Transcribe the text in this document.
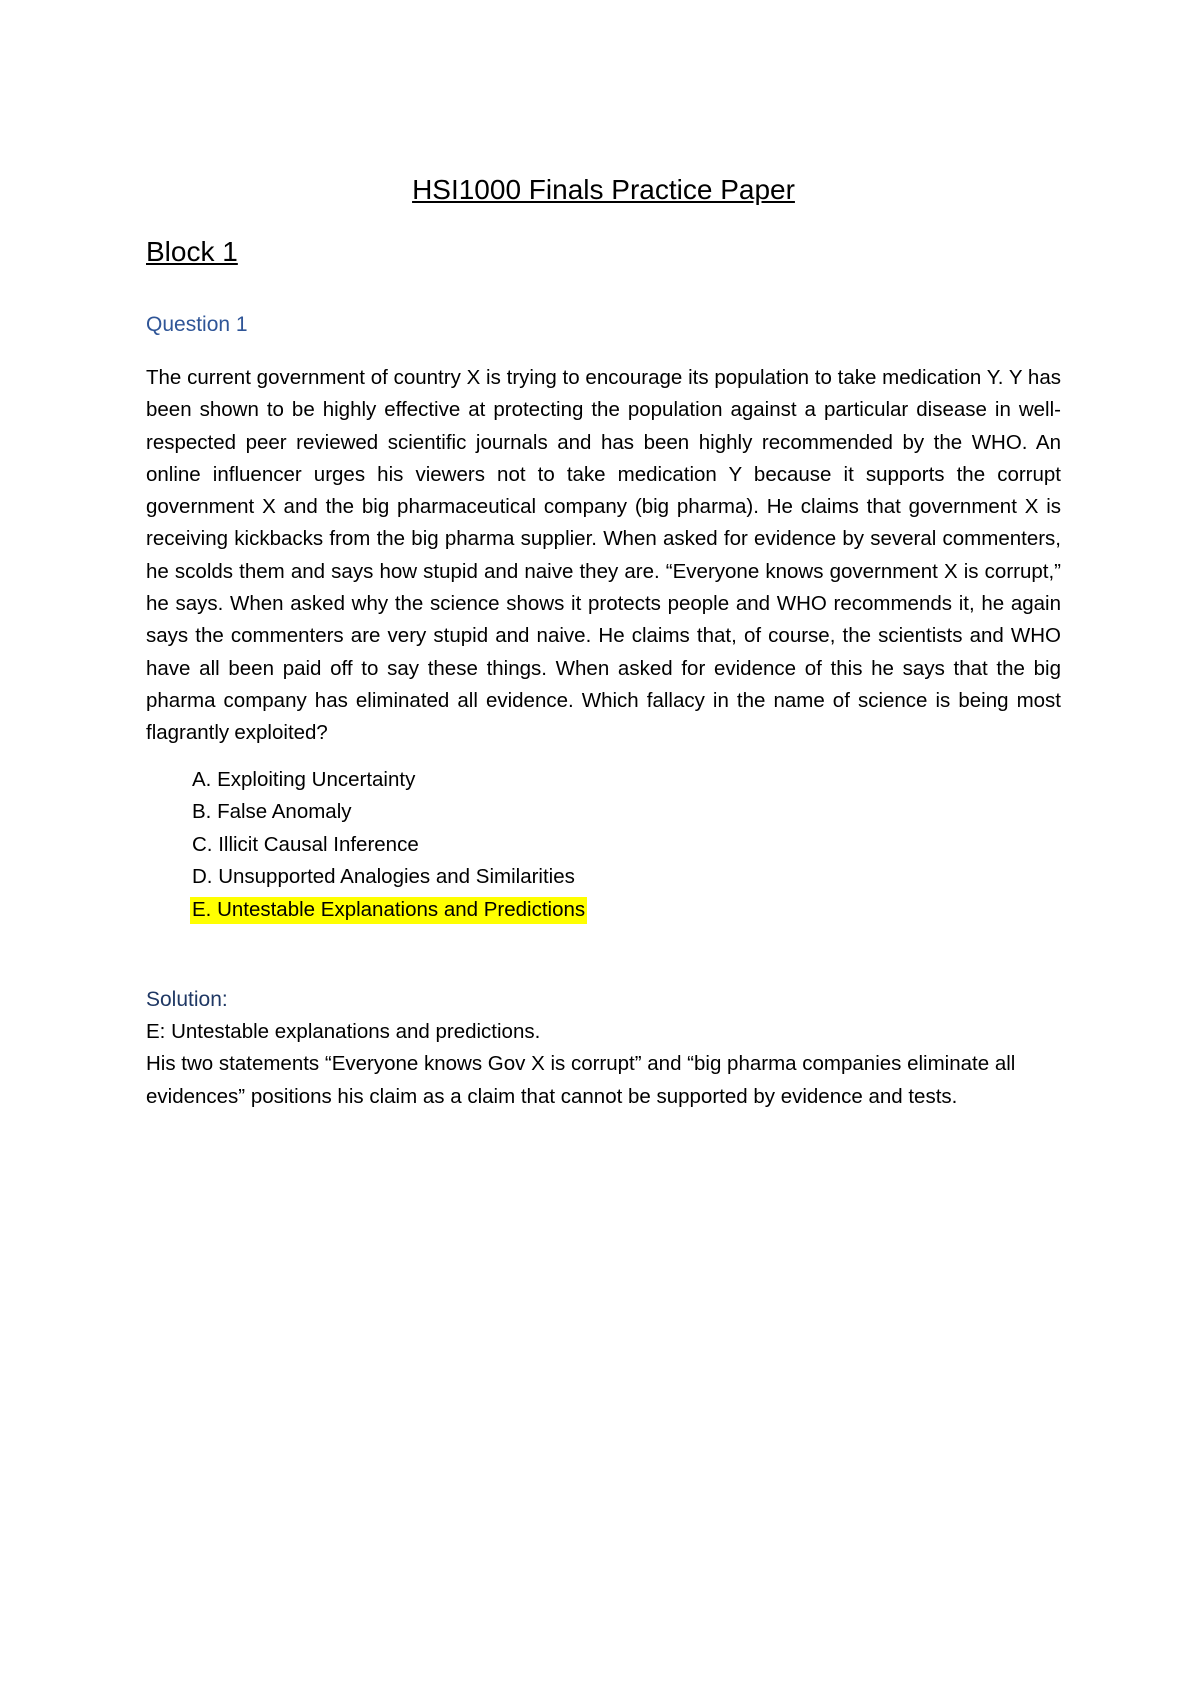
HSI1000 Finals Practice Paper
Block 1
Question 1

The current government of country X is trying to encourage its population to take medication Y. Y has been shown to be highly effective at protecting the population against a particular disease in well-respected peer reviewed scientific journals and has been highly recommended by the WHO. An online influencer urges his viewers not to take medication Y because it supports the corrupt government X and the big pharmaceutical company (big pharma). He claims that government X is receiving kickbacks from the big pharma supplier. When asked for evidence by several commenters, he scolds them and says how stupid and naive they are. “Everyone knows government X is corrupt,” he says. When asked why the science shows it protects people and WHO recommends it, he again says the commenters are very stupid and naive. He claims that, of course, the scientists and WHO have all been paid off to say these things. When asked for evidence of this he says that the big pharma company has eliminated all evidence. Which fallacy in the name of science is being most flagrantly exploited?

A. Exploiting Uncertainty
B. False Anomaly
C. Illicit Causal Inference
D. Unsupported Analogies and Similarities
E. Untestable Explanations and Predictions
Solution:

E: Untestable explanations and predictions.

His two statements “Everyone knows Gov X is corrupt” and “big pharma companies eliminate all evidences” positions his claim as a claim that cannot be supported by evidence and tests.
